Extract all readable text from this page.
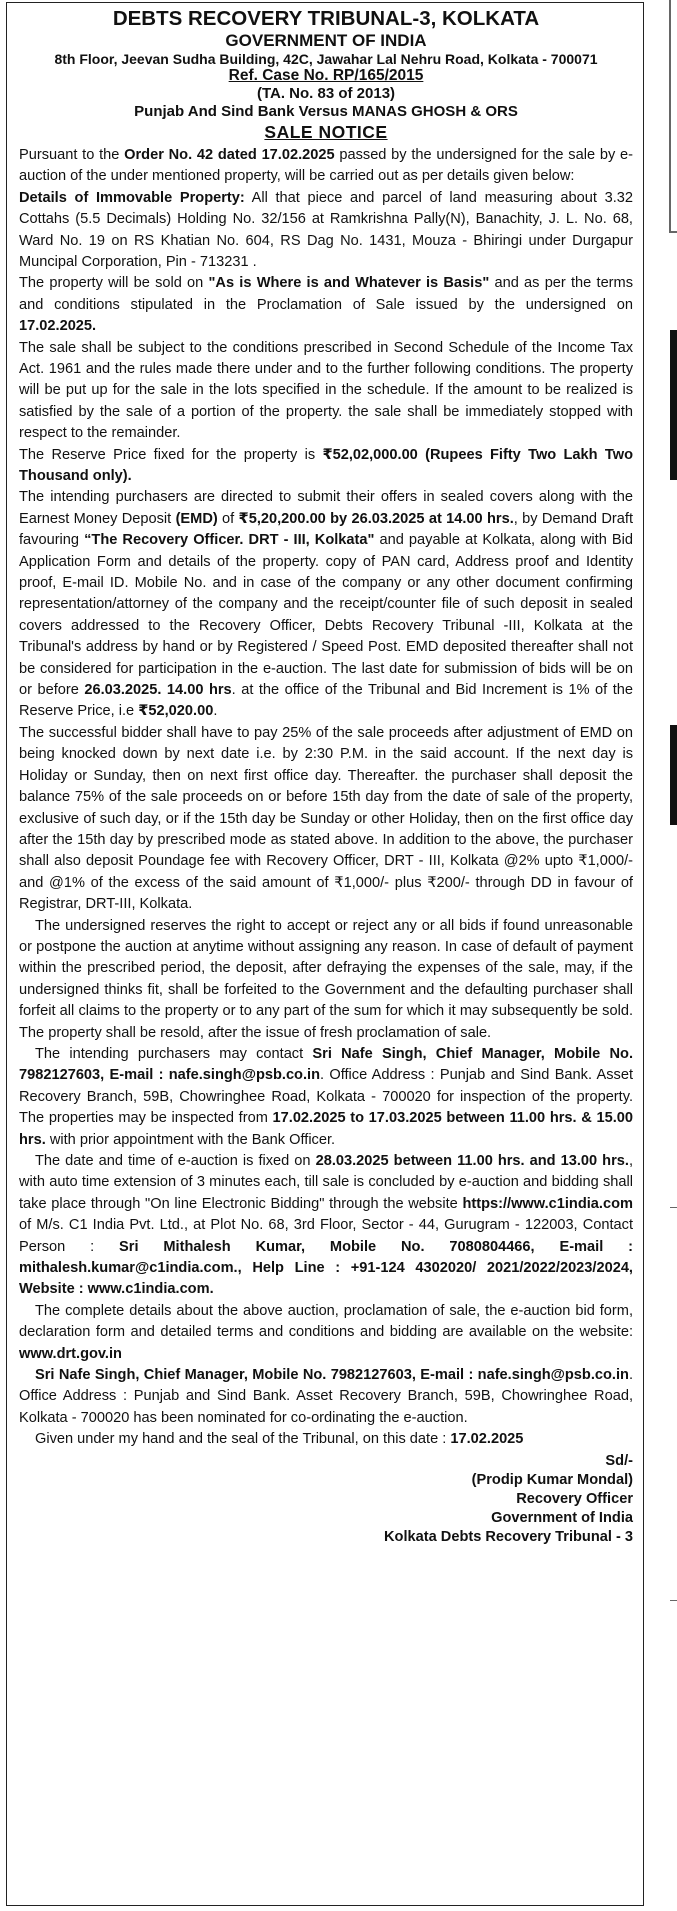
DEBTS RECOVERY TRIBUNAL-3, KOLKATA
GOVERNMENT OF INDIA
8th Floor, Jeevan Sudha Building, 42C, Jawahar Lal Nehru Road, Kolkata - 700071
Ref. Case No. RP/165/2015
(TA. No. 83 of 2013)
Punjab And Sind Bank Versus MANAS GHOSH & ORS
SALE NOTICE

Pursuant to the Order No. 42 dated 17.02.2025 passed by the undersigned for the sale by e-auction of the under mentioned property, will be carried out as per details given below:

Details of Immovable Property: All that piece and parcel of land measuring about 3.32 Cottahs (5.5 Decimals) Holding No. 32/156 at Ramkrishna Pally(N), Banachity, J. L. No. 68, Ward No. 19 on RS Khatian No. 604, RS Dag No. 1431, Mouza - Bhiringi under Durgapur Muncipal Corporation, Pin - 713231 .

The property will be sold on "As is Where is and Whatever is Basis" and as per the terms and conditions stipulated in the Proclamation of Sale issued by the undersigned on 17.02.2025.

The sale shall be subject to the conditions prescribed in Second Schedule of the Income Tax Act. 1961 and the rules made there under and to the further following conditions. The property will be put up for the sale in the lots specified in the schedule. If the amount to be realized is satisfied by the sale of a portion of the property. the sale shall be immediately stopped with respect to the remainder.

The Reserve Price fixed for the property is ₹52,02,000.00 (Rupees Fifty Two Lakh Two Thousand only).

The intending purchasers are directed to submit their offers in sealed covers along with the Earnest Money Deposit (EMD) of ₹5,20,200.00 by 26.03.2025 at 14.00 hrs., by Demand Draft favouring “The Recovery Officer. DRT - III, Kolkata" and payable at Kolkata, along with Bid Application Form and details of the property. copy of PAN card, Address proof and Identity proof, E-mail ID. Mobile No. and in case of the company or any other document confirming representation/attorney of the company and the receipt/counter file of such deposit in sealed covers addressed to the Recovery Officer, Debts Recovery Tribunal -III, Kolkata at the Tribunal's address by hand or by Registered / Speed Post. EMD deposited thereafter shall not be considered for participation in the e-auction. The last date for submission of bids will be on or before 26.03.2025. 14.00 hrs. at the office of the Tribunal and Bid Increment is 1% of the Reserve Price, i.e ₹52,020.00.

The successful bidder shall have to pay 25% of the sale proceeds after adjustment of EMD on being knocked down by next date i.e. by 2:30 P.M. in the said account. If the next day is Holiday or Sunday, then on next first office day. Thereafter. the purchaser shall deposit the balance 75% of the sale proceeds on or before 15th day from the date of sale of the property, exclusive of such day, or if the 15th day be Sunday or other Holiday, then on the first office day after the 15th day by prescribed mode as stated above. In addition to the above, the purchaser shall also deposit Poundage fee with Recovery Officer, DRT - III, Kolkata @2% upto ₹1,000/- and @1% of the excess of the said amount of ₹1,000/- plus ₹200/- through DD in favour of Registrar, DRT-III, Kolkata.

The undersigned reserves the right to accept or reject any or all bids if found unreasonable or postpone the auction at anytime without assigning any reason. In case of default of payment within the prescribed period, the deposit, after defraying the expenses of the sale, may, if the undersigned thinks fit, shall be forfeited to the Government and the defaulting purchaser shall forfeit all claims to the property or to any part of the sum for which it may subsequently be sold. The property shall be resold, after the issue of fresh proclamation of sale.

The intending purchasers may contact Sri Nafe Singh, Chief Manager, Mobile No. 7982127603, E-mail : nafe.singh@psb.co.in. Office Address : Punjab and Sind Bank. Asset Recovery Branch, 59B, Chowringhee Road, Kolkata - 700020 for inspection of the property. The properties may be inspected from 17.02.2025 to 17.03.2025 between 11.00 hrs. & 15.00 hrs. with prior appointment with the Bank Officer.

The date and time of e-auction is fixed on 28.03.2025 between 11.00 hrs. and 13.00 hrs., with auto time extension of 3 minutes each, till sale is concluded by e-auction and bidding shall take place through "On line Electronic Bidding" through the website https://www.c1india.com of M/s. C1 India Pvt. Ltd., at Plot No. 68, 3rd Floor, Sector - 44, Gurugram - 122003, Contact Person : Sri Mithalesh Kumar, Mobile No. 7080804466, E-mail : mithalesh.kumar@c1india.com., Help Line : +91-124 4302020/ 2021/2022/2023/2024, Website : www.c1india.com.

The complete details about the above auction, proclamation of sale, the e-auction bid form, declaration form and detailed terms and conditions and bidding are available on the website: www.drt.gov.in

Sri Nafe Singh, Chief Manager, Mobile No. 7982127603, E-mail : nafe.singh@psb.co.in. Office Address : Punjab and Sind Bank. Asset Recovery Branch, 59B, Chowringhee Road, Kolkata - 700020 has been nominated for co-ordinating the e-auction.

Given under my hand and the seal of the Tribunal, on this date : 17.02.2025

Sd/-
(Prodip Kumar Mondal)
Recovery Officer
Government of India
Kolkata Debts Recovery Tribunal - 3
